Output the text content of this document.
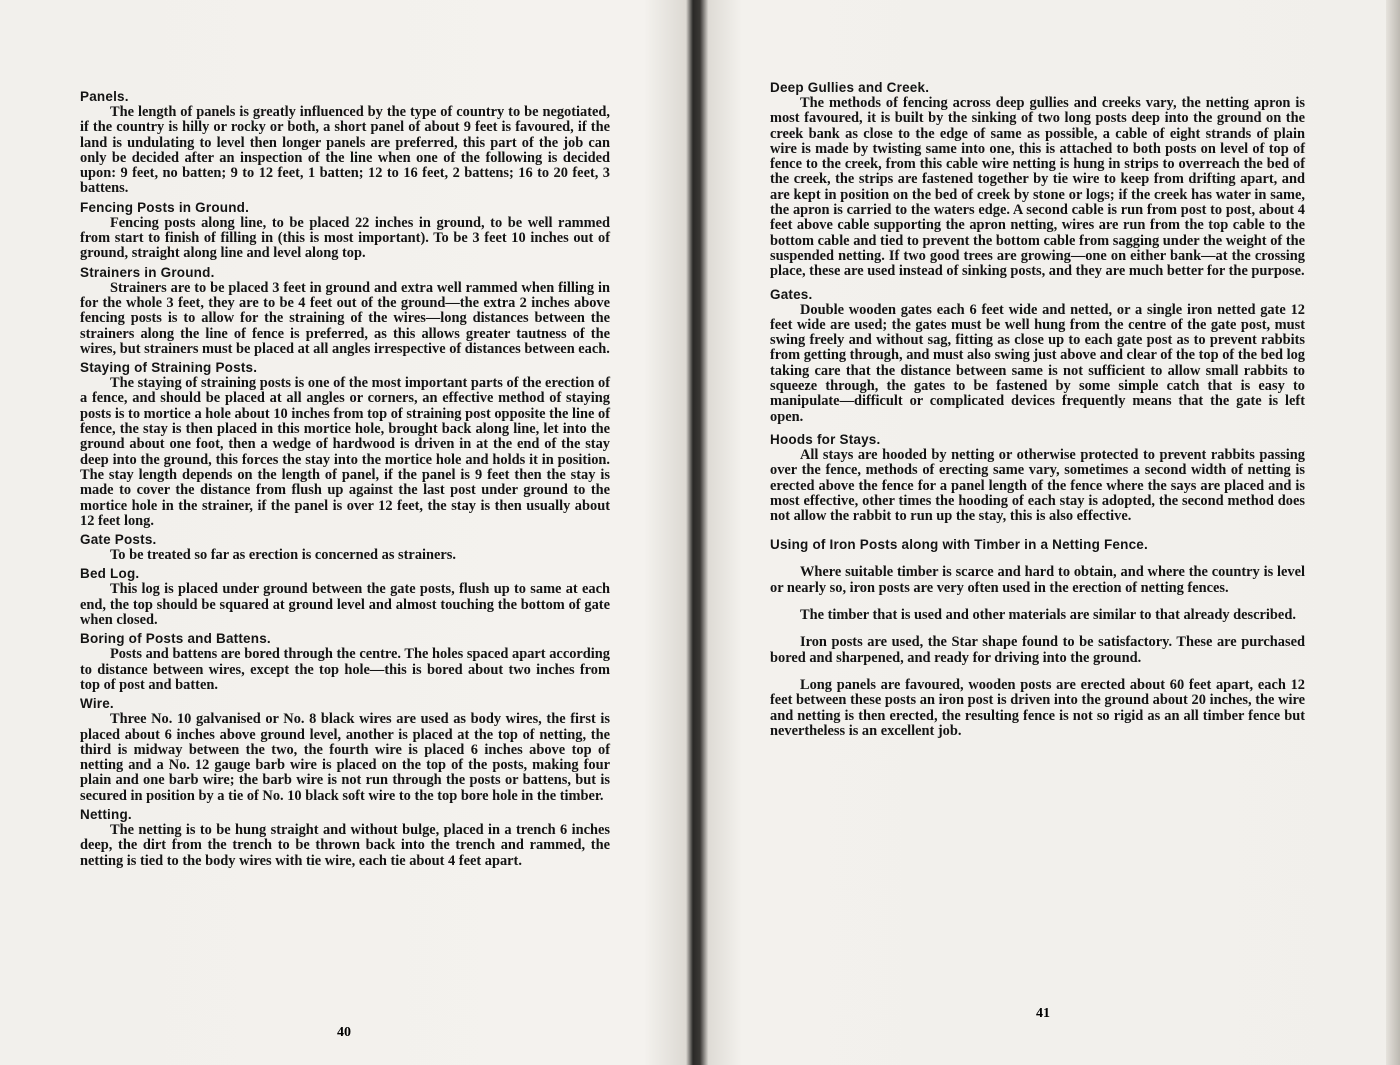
Panels.

The length of panels is greatly influenced by the type of country to be negotiated, if the country is hilly or rocky or both, a short panel of about 9 feet is favoured, if the land is undulating to level then longer panels are preferred, this part of the job can only be decided after an inspection of the line when one of the following is decided upon: 9 feet, no batten; 9 to 12 feet, 1 batten; 12 to 16 feet, 2 battens; 16 to 20 feet, 3 battens.

Fencing Posts in Ground.

Fencing posts along line, to be placed 22 inches in ground, to be well rammed from start to finish of filling in (this is most important). To be 3 feet 10 inches out of ground, straight along line and level along top.

Strainers in Ground.

Strainers are to be placed 3 feet in ground and extra well rammed when filling in for the whole 3 feet, they are to be 4 feet out of the ground—the extra 2 inches above fencing posts is to allow for the straining of the wires—long distances between the strainers along the line of fence is preferred, as this allows greater tautness of the wires, but strainers must be placed at all angles irrespective of distances between each.

Staying of Straining Posts.

The staying of straining posts is one of the most important parts of the erection of a fence, and should be placed at all angles or corners, an effective method of staying posts is to mortice a hole about 10 inches from top of straining post opposite the line of fence, the stay is then placed in this mortice hole, brought back along line, let into the ground about one foot, then a wedge of hardwood is driven in at the end of the stay deep into the ground, this forces the stay into the mortice hole and holds it in position. The stay length depends on the length of panel, if the panel is 9 feet then the stay is made to cover the distance from flush up against the last post under ground to the mortice hole in the strainer, if the panel is over 12 feet, the stay is then usually about 12 feet long.

Gate Posts.

To be treated so far as erection is concerned as strainers.

Bed Log.

This log is placed under ground between the gate posts, flush up to same at each end, the top should be squared at ground level and almost touching the bottom of gate when closed.

Boring of Posts and Battens.

Posts and battens are bored through the centre. The holes spaced apart according to distance between wires, except the top hole—this is bored about two inches from top of post and batten.

Wire.

Three No. 10 galvanised or No. 8 black wires are used as body wires, the first is placed about 6 inches above ground level, another is placed at the top of netting, the third is midway between the two, the fourth wire is placed 6 inches above top of netting and a No. 12 gauge barb wire is placed on the top of the posts, making four plain and one barb wire; the barb wire is not run through the posts or battens, but is secured in position by a tie of No. 10 black soft wire to the top bore hole in the timber.

Netting.

The netting is to be hung straight and without bulge, placed in a trench 6 inches deep, the dirt from the trench to be thrown back into the trench and rammed, the netting is tied to the body wires with tie wire, each tie about 4 feet apart.

40
Deep Gullies and Creek.

The methods of fencing across deep gullies and creeks vary, the netting apron is most favoured, it is built by the sinking of two long posts deep into the ground on the creek bank as close to the edge of same as possible, a cable of eight strands of plain wire is made by twisting same into one, this is attached to both posts on level of top of fence to the creek, from this cable wire netting is hung in strips to overreach the bed of the creek, the strips are fastened together by tie wire to keep from drifting apart, and are kept in position on the bed of creek by stone or logs; if the creek has water in same, the apron is carried to the waters edge. A second cable is run from post to post, about 4 feet above cable supporting the apron netting, wires are run from the top cable to the bottom cable and tied to prevent the bottom cable from sagging under the weight of the suspended netting. If two good trees are growing—one on either bank—at the crossing place, these are used instead of sinking posts, and they are much better for the purpose.

Gates.

Double wooden gates each 6 feet wide and netted, or a single iron netted gate 12 feet wide are used; the gates must be well hung from the centre of the gate post, must swing freely and without sag, fitting as close up to each gate post as to prevent rabbits from getting through, and must also swing just above and clear of the top of the bed log taking care that the distance between same is not sufficient to allow small rabbits to squeeze through, the gates to be fastened by some simple catch that is easy to manipulate—difficult or complicated devices frequently means that the gate is left open.

Hoods for Stays.

All stays are hooded by netting or otherwise protected to prevent rabbits passing over the fence, methods of erecting same vary, sometimes a second width of netting is erected above the fence for a panel length of the fence where the says are placed and is most effective, other times the hooding of each stay is adopted, the second method does not allow the rabbit to run up the stay, this is also effective.

Using of Iron Posts along with Timber in a Netting Fence.

Where suitable timber is scarce and hard to obtain, and where the country is level or nearly so, iron posts are very often used in the erection of netting fences.

The timber that is used and other materials are similar to that already described.

Iron posts are used, the Star shape found to be satisfactory. These are purchased bored and sharpened, and ready for driving into the ground.

Long panels are favoured, wooden posts are erected about 60 feet apart, each 12 feet between these posts an iron post is driven into the ground about 20 inches, the wire and netting is then erected, the resulting fence is not so rigid as an all timber fence but nevertheless is an excellent job.

41
